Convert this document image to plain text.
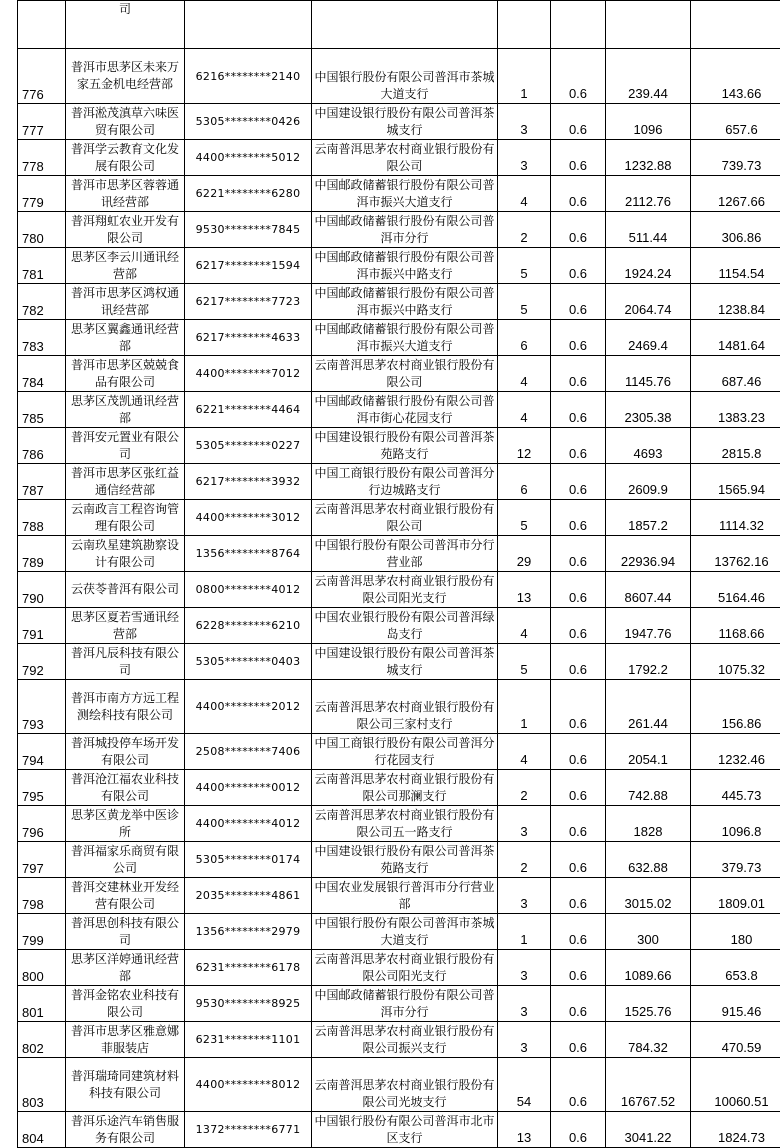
	司						
776	普洱市思茅区未来万家五金机电经营部	6216********2140	中国银行股份有限公司普洱市茶城大道支行	1	0.6	239.44	143.66
777	普洱淞茂滇草六味医贸有限公司	5305********0426	中国建设银行股份有限公司普洱茶城支行	3	0.6	1096	657.6
778	普洱学云教育文化发展有限公司	4400********5012	云南普洱思茅农村商业银行股份有限公司	3	0.6	1232.88	739.73
779	普洱市思茅区蓉蓉通讯经营部	6221********6280	中国邮政储蓄银行股份有限公司普洱市振兴大道支行	4	0.6	2112.76	1267.66
780	普洱翔虹农业开发有限公司	9530********7845	中国邮政储蓄银行股份有限公司普洱市分行	2	0.6	511.44	306.86
781	思茅区李云川通讯经营部	6217********1594	中国邮政储蓄银行股份有限公司普洱市振兴中路支行	5	0.6	1924.24	1154.54
782	普洱市思茅区鸿权通讯经营部	6217********7723	中国邮政储蓄银行股份有限公司普洱市振兴中路支行	5	0.6	2064.74	1238.84
783	思茅区翼鑫通讯经营部	6217********4633	中国邮政储蓄银行股份有限公司普洱市振兴大道支行	6	0.6	2469.4	1481.64
784	普洱市思茅区兢兢食品有限公司	4400********7012	云南普洱思茅农村商业银行股份有限公司	4	0.6	1145.76	687.46
785	思茅区茂凯通讯经营部	6221********4464	中国邮政储蓄银行股份有限公司普洱市街心花园支行	4	0.6	2305.38	1383.23
786	普洱安元置业有限公司	5305********0227	中国建设银行股份有限公司普洱茶苑路支行	12	0.6	4693	2815.8
787	普洱市思茅区张红益通信经营部	6217********3932	中国工商银行股份有限公司普洱分行边城路支行	6	0.6	2609.9	1565.94
788	云南政言工程咨询管理有限公司	4400********3012	云南普洱思茅农村商业银行股份有限公司	5	0.6	1857.2	1114.32
789	云南玖星建筑勘察设计有限公司	1356********8764	中国银行股份有限公司普洱市分行营业部	29	0.6	22936.94	13762.16
790	云茯苓普洱有限公司	0800********4012	云南普洱思茅农村商业银行股份有限公司阳光支行	13	0.6	8607.44	5164.46
791	思茅区夏若雪通讯经营部	6228********6210	中国农业银行股份有限公司普洱绿岛支行	4	0.6	1947.76	1168.66
792	普洱凡辰科技有限公司	5305********0403	中国建设银行股份有限公司普洱茶城支行	5	0.6	1792.2	1075.32
793	普洱市南方方远工程测绘科技有限公司	4400********2012	云南普洱思茅农村商业银行股份有限公司三家村支行	1	0.6	261.44	156.86
794	普洱城投停车场开发有限公司	2508********7406	中国工商银行股份有限公司普洱分行花园支行	4	0.6	2054.1	1232.46
795	普洱沧江福农业科技有限公司	4400********0012	云南普洱思茅农村商业银行股份有限公司那澜支行	2	0.6	742.88	445.73
796	思茅区黄龙举中医诊所	4400********4012	云南普洱思茅农村商业银行股份有限公司五一路支行	3	0.6	1828	1096.8
797	普洱福家乐商贸有限公司	5305********0174	中国建设银行股份有限公司普洱茶苑路支行	2	0.6	632.88	379.73
798	普洱交建林业开发经营有限公司	2035********4861	中国农业发展银行普洱市分行营业部	3	0.6	3015.02	1809.01
799	普洱思创科技有限公司	1356********2979	中国银行股份有限公司普洱市茶城大道支行	1	0.6	300	180
800	思茅区洋婷通讯经营部	6231********6178	云南普洱思茅农村商业银行股份有限公司阳光支行	3	0.6	1089.66	653.8
801	普洱金铭农业科技有限公司	9530********8925	中国邮政储蓄银行股份有限公司普洱市分行	3	0.6	1525.76	915.46
802	普洱市思茅区雅意娜菲服装店	6231********1101	云南普洱思茅农村商业银行股份有限公司振兴支行	3	0.6	784.32	470.59
803	普洱瑞琦同建筑材料科技有限公司	4400********8012	云南普洱思茅农村商业银行股份有限公司光坡支行	54	0.6	16767.52	10060.51
804	普洱乐途汽车销售服务有限公司	1372********6771	中国银行股份有限公司普洱市北市区支行	13	0.6	3041.22	1824.73
